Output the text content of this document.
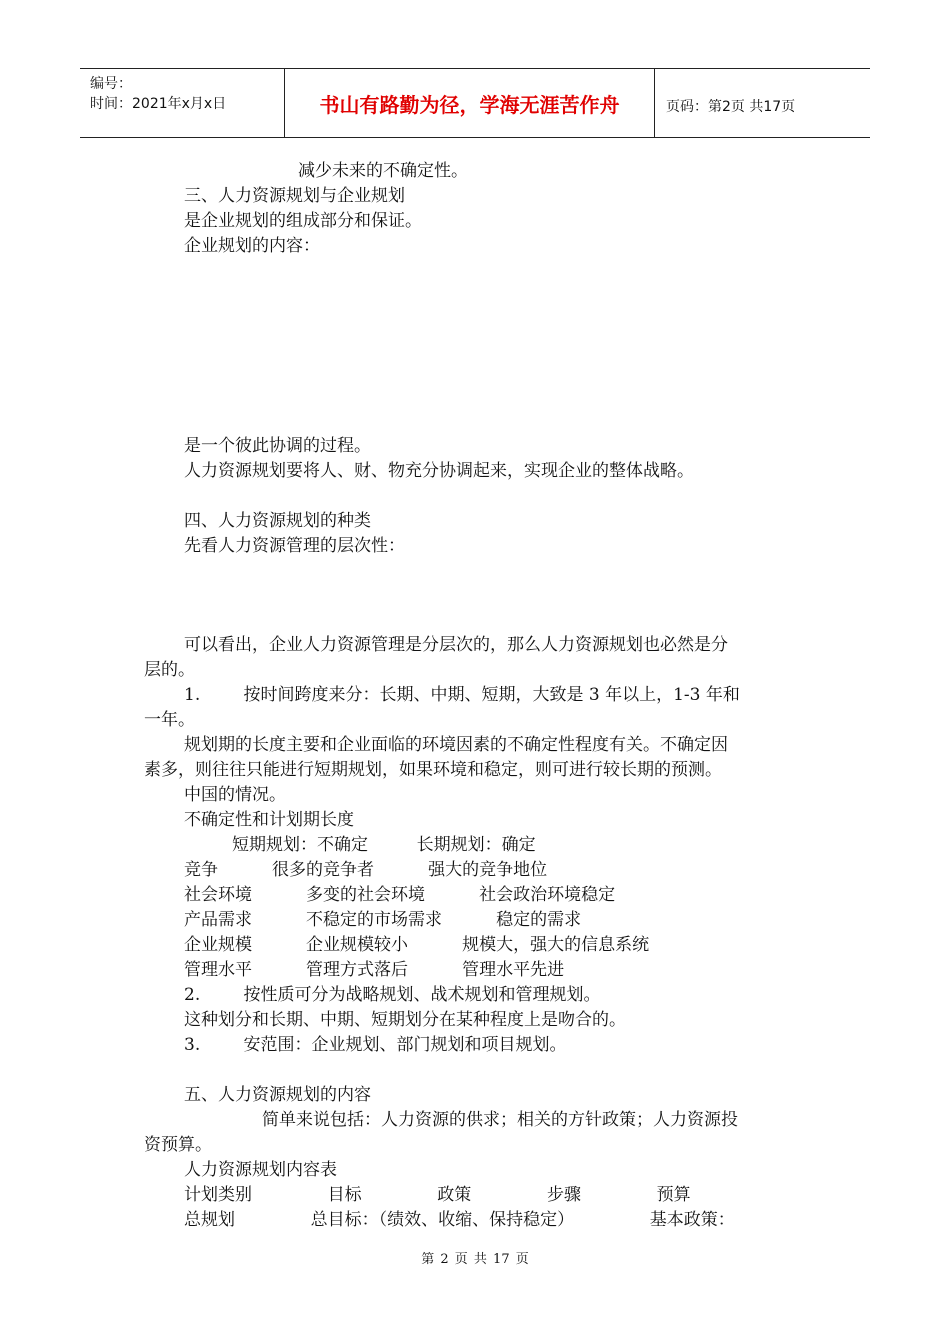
编号：
时间：2021年x月x日	书山有路勤为径，学海无涯苦作舟	页码：第2页 共17页
减少未来的不确定性。
三、人力资源规划与企业规划
是企业规划的组成部分和保证。
企业规划的内容：
是一个彼此协调的过程。
人力资源规划要将人、财、物充分协调起来，实现企业的整体战略。
四、人力资源规划的种类
先看人力资源管理的层次性：
可以看出，企业人力资源管理是分层次的，那么人力资源规划也必然是分
层的。
1.        按时间跨度来分：长期、中期、短期，大致是 3 年以上，1-3 年和
一年。
规划期的长度主要和企业面临的环境因素的不确定性程度有关。不确定因
素多，则往往只能进行短期规划，如果环境和稳定，则可进行较长期的预测。
中国的情况。
不确定性和计划期长度
短期规划：不确定         长期规划：确定
竞争          很多的竞争者          强大的竞争地位
社会环境          多变的社会环境          社会政治环境稳定
产品需求          不稳定的市场需求          稳定的需求
企业规模          企业规模较小          规模大，强大的信息系统
管理水平          管理方式落后          管理水平先进
2.        按性质可分为战略规划、战术规划和管理规划。
这种划分和长期、中期、短期划分在某种程度上是吻合的。
3.        安范围：企业规划、部门规划和项目规划。
五、人力资源规划的内容
简单来说包括：人力资源的供求；相关的方针政策；人力资源投
资预算。
人力资源规划内容表
计划类别              目标              政策              步骤              预算
总规划              总目标：（绩效、收缩、保持稳定）              基本政策：
第 2 页 共 17 页
